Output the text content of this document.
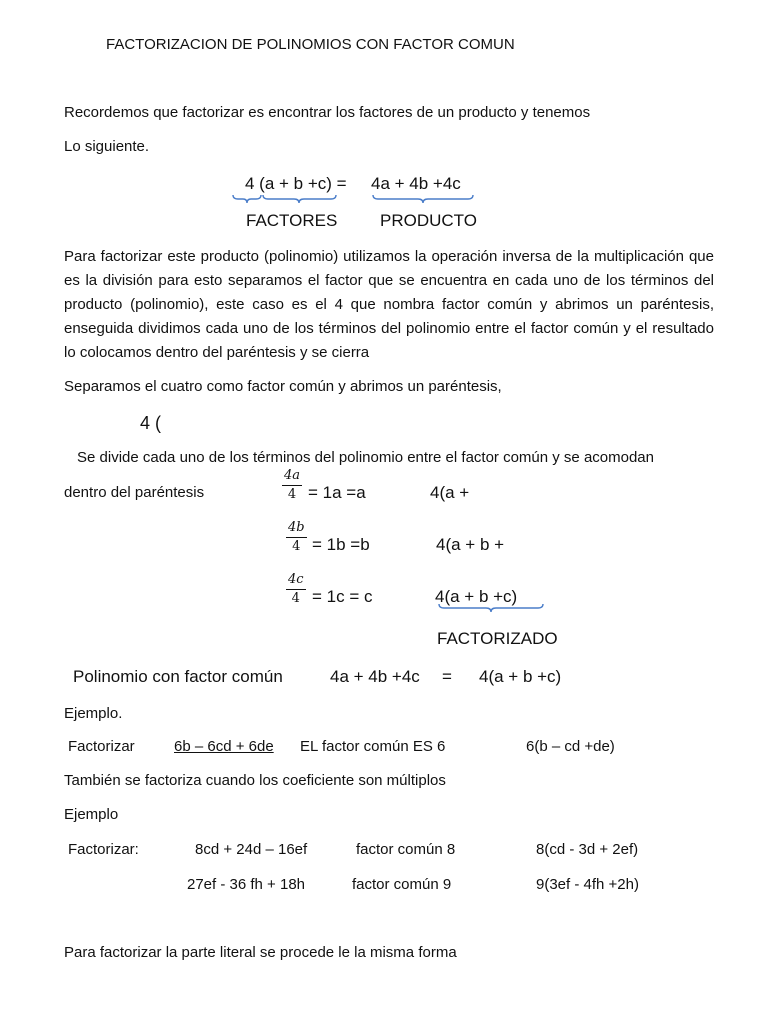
FACTORIZACION DE POLINOMIOS CON FACTOR COMUN
Recordemos que factorizar es encontrar los factores de un producto y tenemos
Lo siguiente.
4 (a + b +c) = 4a + 4b +4c
FACTORES	PRODUCTO
Para factorizar este producto (polinomio) utilizamos la operación inversa de la multiplicación que es la división para esto separamos el factor que se encuentra en cada uno de los términos del producto (polinomio), este caso es el 4 que nombra factor común y abrimos un paréntesis, enseguida dividimos cada uno de los términos del polinomio entre el factor común y el resultado lo colocamos dentro del paréntesis y se cierra
Separamos el cuatro como factor común y abrimos un paréntesis,
4 (
Se divide cada uno de los términos del polinomio entre el factor común y se acomodan
dentro del paréntesis
4a
4 = 1a =a	4(a +
4b
4 = 1b =b	4(a + b +
4c
4 = 1c = c	4(a + b +c)
FACTORIZADO
Polinomio con factor común	4a + 4b +4c = 4(a + b +c)
Ejemplo.
Factorizar	6b – 6cd + 6de EL factor común ES 6	6(b – cd +de)
También se factoriza cuando los coeficiente son múltiplos
Ejemplo
Factorizar:	8cd + 24d – 16ef	factor común 8	8(cd - 3d + 2ef)
27ef - 36 fh + 18h	factor común 9	9(3ef - 4fh +2h)
Para factorizar la parte literal se procede le la misma forma
